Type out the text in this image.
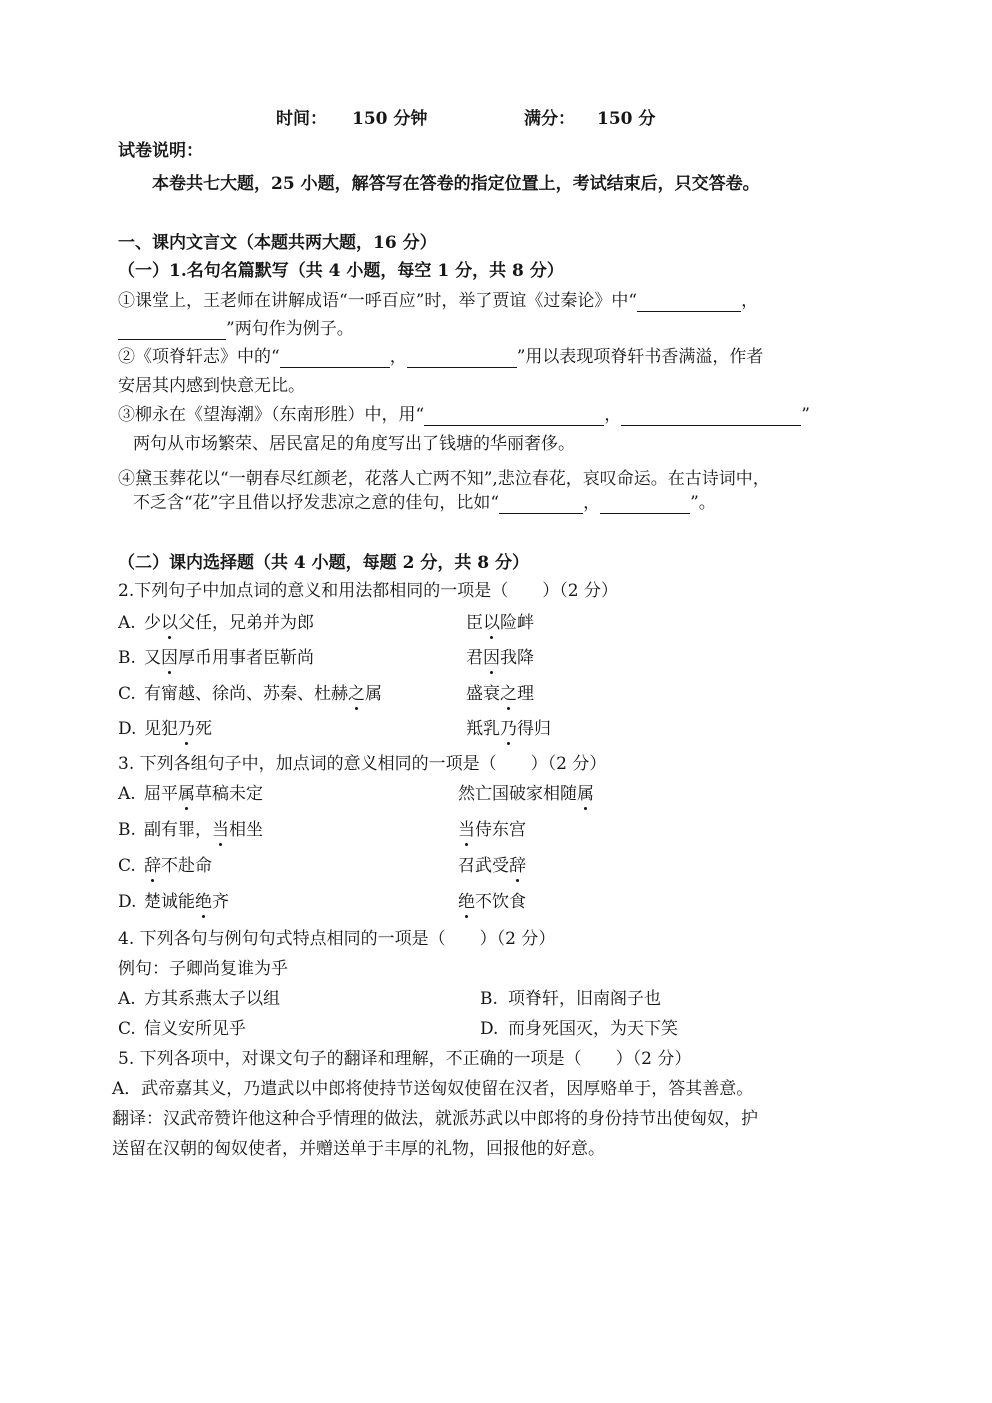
时间： 150 分钟	满分： 150 分
试卷说明：
本卷共七大题，25 小题，解答写在答卷的指定位置上，考试结束后，只交答卷。
一、课内文言文（本题共两大题，16 分）
（一）1.名句名篇默写（共 4 小题，每空 1 分，共 8 分）
①课堂上，王老师在讲解成语“一呼百应”时，举了贾谊《过秦论》中“	，
”两句作为例子。
②《项脊轩志》中的“	，	”用以表现项脊轩书香满溢，作者
安居其内感到快意无比。
③柳永在《望海潮》（东南形胜）中，用“	，	”
两句从市场繁荣、居民富足的角度写出了钱塘的华丽奢侈。
④黛玉葬花以“一朝春尽红颜老，花落人亡两不知”,悲泣春花，哀叹命运。在古诗词中，
不乏含“花”字且借以抒发悲凉之意的佳句，比如“	，	”。
（二）课内选择题（共 4 小题，每题 2 分，共 8 分）
2.下列句子中加点词的意义和用法都相同的一项是（　　）（2 分）
A. 少以父任，兄弟并为郎	臣以险衅
B. 又因厚币用事者臣靳尚	君因我降
C. 有甯越、徐尚、苏秦、杜赫之属	盛衰之理
D. 见犯乃死	羝乳乃得归
3. 下列各组句子中，加点词的意义相同的一项是（　　）（2 分）
A. 屈平属草稿未定	然亡国破家相随属
B. 副有罪，当相坐	当侍东宫
C. 辞不赴命	召武受辞
D. 楚诚能绝齐	绝不饮食
4. 下列各句与例句句式特点相同的一项是（　　）（2 分）
例句：子卿尚复谁为乎
A. 方其系燕太子以组	B. 项脊轩，旧南阁子也
C. 信义安所见乎	D. 而身死国灭，为天下笑
5. 下列各项中，对课文句子的翻译和理解，不正确的一项是（　　）（2 分）
A．武帝嘉其义，乃遣武以中郎将使持节送匈奴使留在汉者，因厚赂单于，答其善意。
翻译：汉武帝赞许他这种合乎情理的做法，就派苏武以中郎将的身份持节出使匈奴，护
送留在汉朝的匈奴使者，并赠送单于丰厚的礼物，回报他的好意。
